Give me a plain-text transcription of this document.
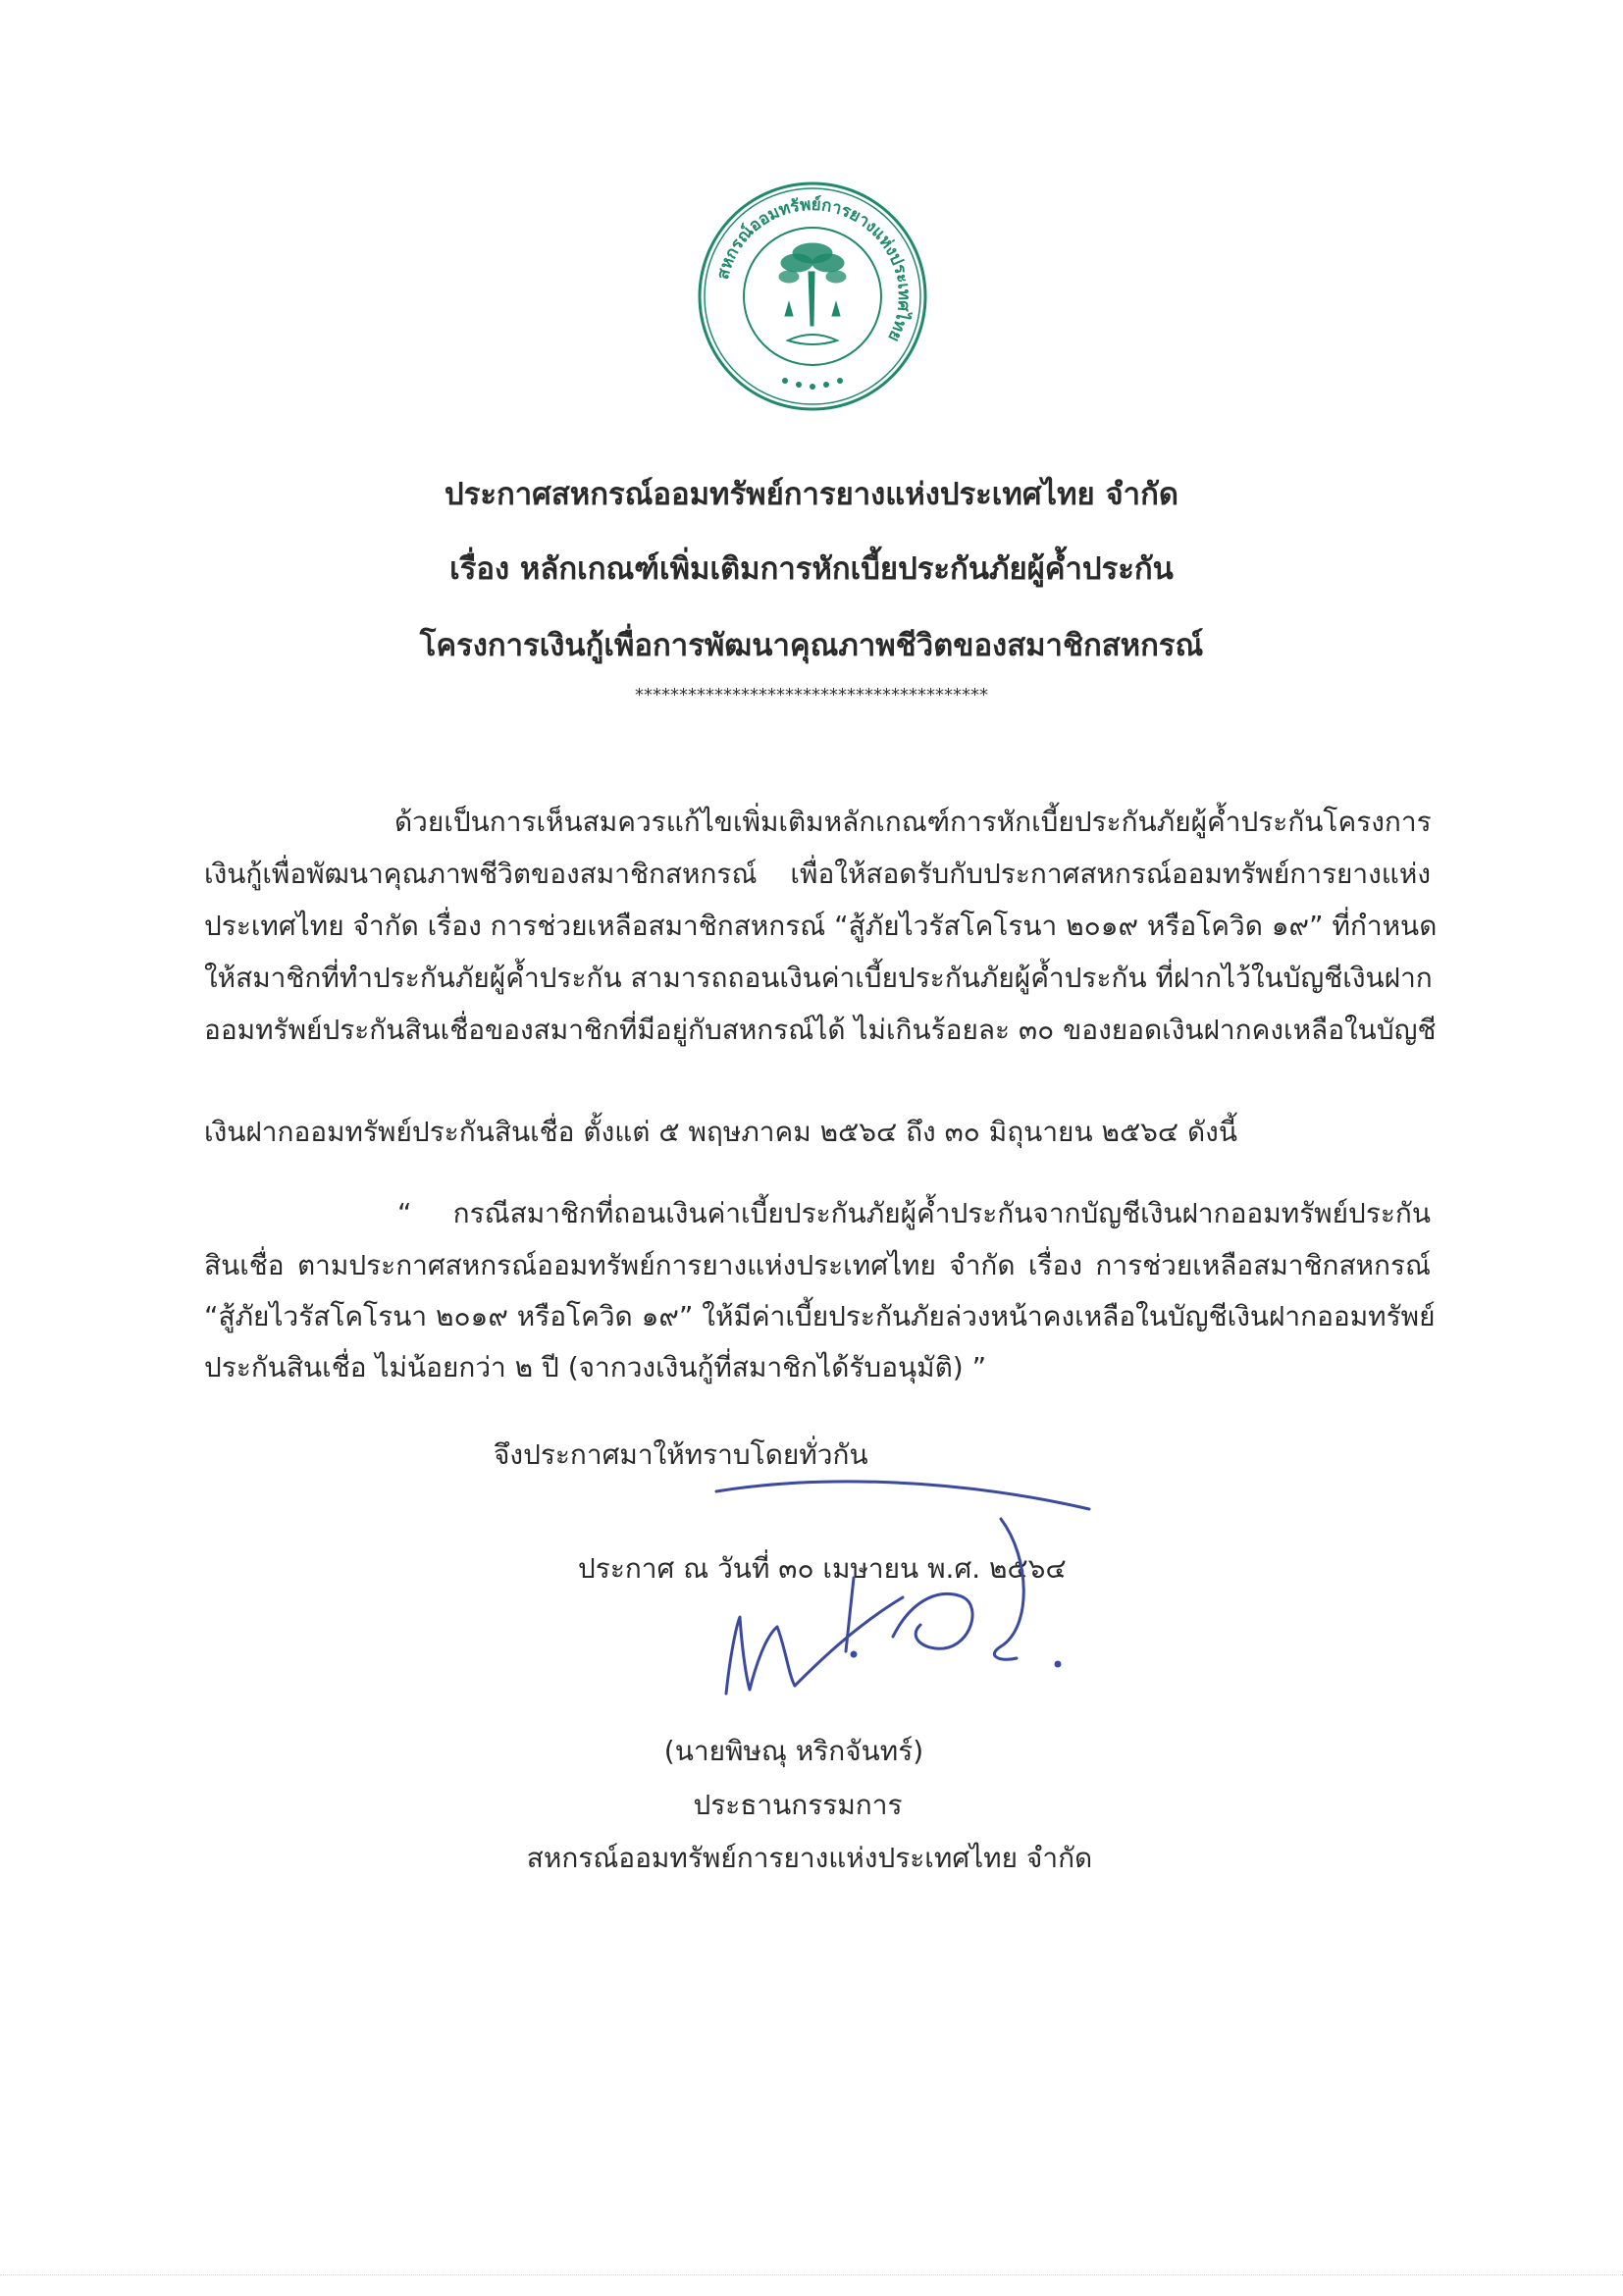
สหกรณ์ออมทรัพย์การยางแห่งประเทศไทย
ประกาศสหกรณ์ออมทรัพย์การยางแห่งประเทศไทย จำกัด
เรื่อง หลักเกณฑ์เพิ่มเติมการหักเบี้ยประกันภัยผู้ค้ำประกัน
โครงการเงินกู้เพื่อการพัฒนาคุณภาพชีวิตของสมาชิกสหกรณ์
****************************************
ด้วยเป็นการเห็นสมควรแก้ไขเพิ่มเติมหลักเกณฑ์การหักเบี้ยประกันภัยผู้ค้ำประกันโครงการ
เงินกู้เพื่อพัฒนาคุณภาพชีวิตของสมาชิกสหกรณ์ เพื่อให้สอดรับกับประกาศสหกรณ์ออมทรัพย์การยางแห่ง
ประเทศไทย จำกัด เรื่อง การช่วยเหลือสมาชิกสหกรณ์ “สู้ภัยไวรัสโคโรนา ๒๐๑๙ หรือโควิด ๑๙” ที่กำหนด
ให้สมาชิกที่ทำประกันภัยผู้ค้ำประกัน สามารถถอนเงินค่าเบี้ยประกันภัยผู้ค้ำประกัน ที่ฝากไว้ในบัญชีเงินฝาก
ออมทรัพย์ประกันสินเชื่อของสมาชิกที่มีอยู่กับสหกรณ์ได้ ไม่เกินร้อยละ ๓๐ ของยอดเงินฝากคงเหลือในบัญชี
เงินฝากออมทรัพย์ประกันสินเชื่อ ตั้งแต่ ๕ พฤษภาคม ๒๕๖๔ ถึง ๓๐ มิถุนายน ๒๕๖๔ ดังนี้
“ กรณีสมาชิกที่ถอนเงินค่าเบี้ยประกันภัยผู้ค้ำประกันจากบัญชีเงินฝากออมทรัพย์ประกัน
สินเชื่อ ตามประกาศสหกรณ์ออมทรัพย์การยางแห่งประเทศไทย จำกัด เรื่อง การช่วยเหลือสมาชิกสหกรณ์
“สู้ภัยไวรัสโคโรนา ๒๐๑๙ หรือโควิด ๑๙” ให้มีค่าเบี้ยประกันภัยล่วงหน้าคงเหลือในบัญชีเงินฝากออมทรัพย์
ประกันสินเชื่อ ไม่น้อยกว่า ๒ ปี (จากวงเงินกู้ที่สมาชิกได้รับอนุมัติ) ”
จึงประกาศมาให้ทราบโดยทั่วกัน
ประกาศ ณ วันที่ ๓๐ เมษายน พ.ศ. ๒๕๖๔
(นายพิษณุ หริกจันทร์)
ประธานกรรมการ
สหกรณ์ออมทรัพย์การยางแห่งประเทศไทย จำกัด
